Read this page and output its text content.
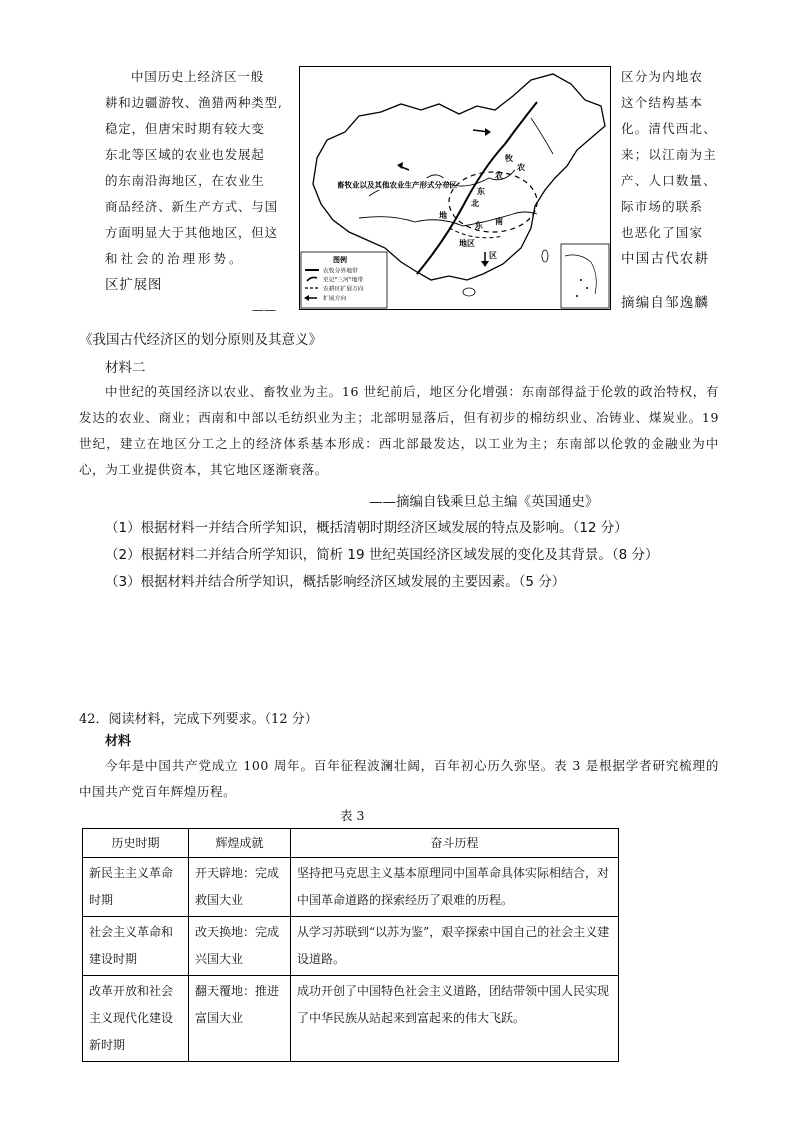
中国历史上经济区一般
耕和边疆游牧、渔猎两种类型,
稳定，但唐宋时期有较大变
东北等区域的农业也发展起
的东南沿海地区，在农业生
商品经济、新生产方式、与国
方面明显大于其他地区，但这
和社会的治理形势。
区扩展图
区分为内地农
这个结构基本
化。清代西北、
来；以江南为主
产、人口数量、
际市场的联系
也恶化了国家
中国古代农耕
摘编自邹逸麟
畜牧业以及其他农业生产形式分布区
牧
农
农
地
东
北
地区
区
南
东
图例
农牧分界地带
史记"三河"地带
农耕区扩展方向
扩展方向
——
《我国古代经济区的划分原则及其意义》
材料二
中世纪的英国经济以农业、畜牧业为主。16 世纪前后，地区分化增强：东南部得益于伦敦的政治特权，有发达的农业、商业；西南和中部以毛纺织业为主；北部明显落后，但有初步的棉纺织业、冶铸业、煤炭业。19 世纪，建立在地区分工之上的经济体系基本形成：西北部最发达，以工业为主；东南部以伦敦的金融业为中心，为工业提供资本，其它地区逐渐衰落。
——摘编自钱乘旦总主编《英国通史》
（1）根据材料一并结合所学知识，概括清朝时期经济区域发展的特点及影响。（12 分）
（2）根据材料二并结合所学知识，简析 19 世纪英国经济区域发展的变化及其背景。（8 分）
（3）根据材料并结合所学知识，概括影响经济区域发展的主要因素。（5 分）
42．阅读材料，完成下列要求。（12 分）
材料
今年是中国共产党成立 100 周年。百年征程波澜壮阔，百年初心历久弥坚。表 3 是根据学者研究梳理的中国共产党百年辉煌历程。
表 3
历史时期	辉煌成就	奋斗历程
新民主主义革命时期	开天辟地：完成救国大业	坚持把马克思主义基本原理同中国革命具体实际相结合，对中国革命道路的探索经历了艰难的历程。
社会主义革命和建设时期	改天换地：完成兴国大业	从学习苏联到“以苏为鉴”，艰辛探索中国自己的社会主义建设道路。
改革开放和社会主义现代化建设新时期	翻天覆地：推进富国大业	成功开创了中国特色社会主义道路，团结带领中国人民实现了中华民族从站起来到富起来的伟大飞跃。
